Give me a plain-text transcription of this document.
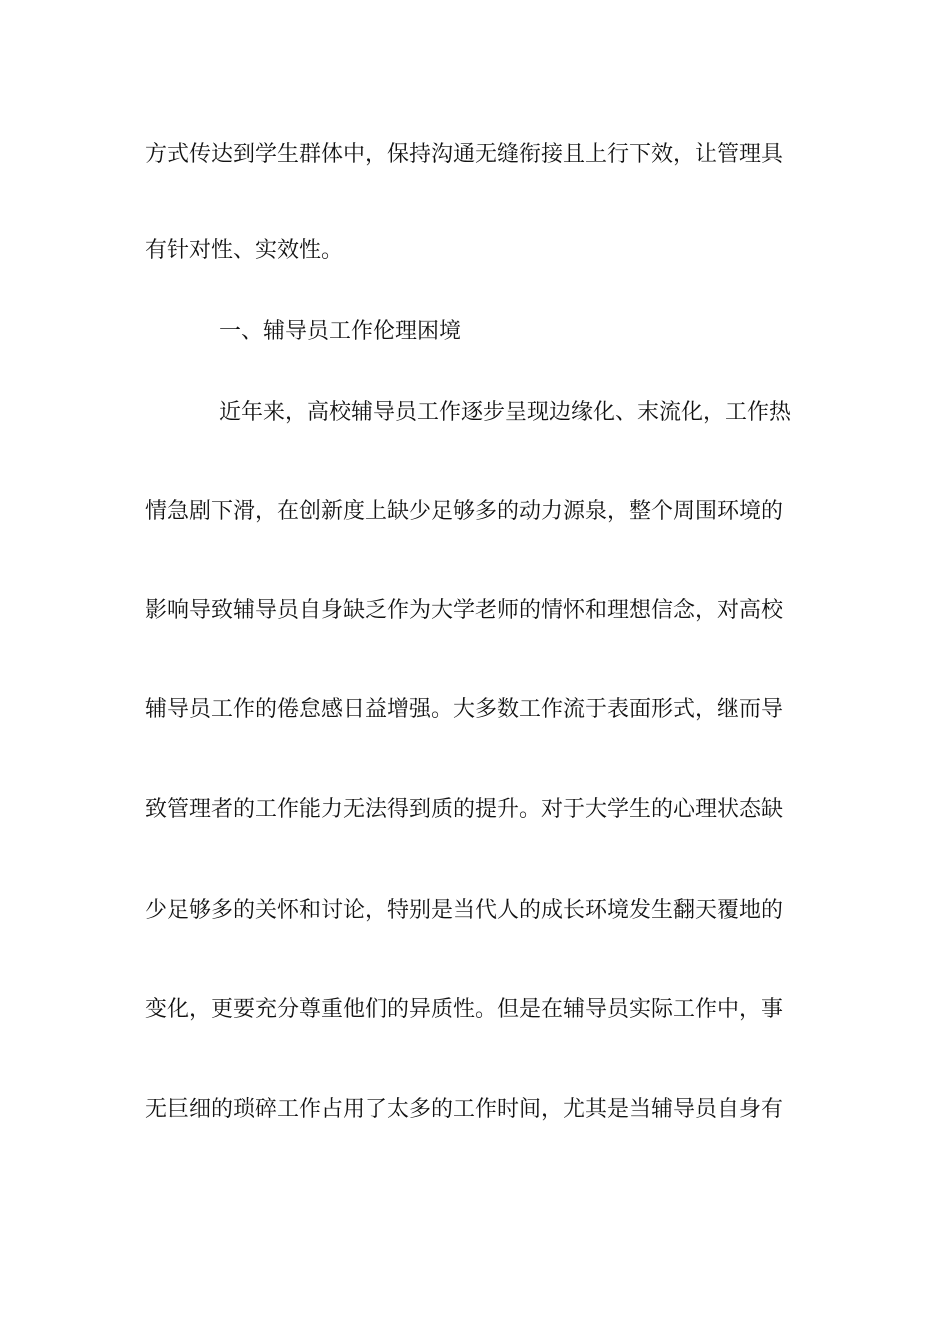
方式传达到学生群体中，保持沟通无缝衔接且上行下效，让管理具
有针对性、实效性。
一、辅导员工作伦理困境
近年来，高校辅导员工作逐步呈现边缘化、末流化，工作热
情急剧下滑，在创新度上缺少足够多的动力源泉，整个周围环境的
影响导致辅导员自身缺乏作为大学老师的情怀和理想信念，对高校
辅导员工作的倦怠感日益增强。大多数工作流于表面形式，继而导
致管理者的工作能力无法得到质的提升。对于大学生的心理状态缺
少足够多的关怀和讨论，特别是当代人的成长环境发生翻天覆地的
变化，更要充分尊重他们的异质性。但是在辅导员实际工作中，事
无巨细的琐碎工作占用了太多的工作时间，尤其是当辅导员自身有
